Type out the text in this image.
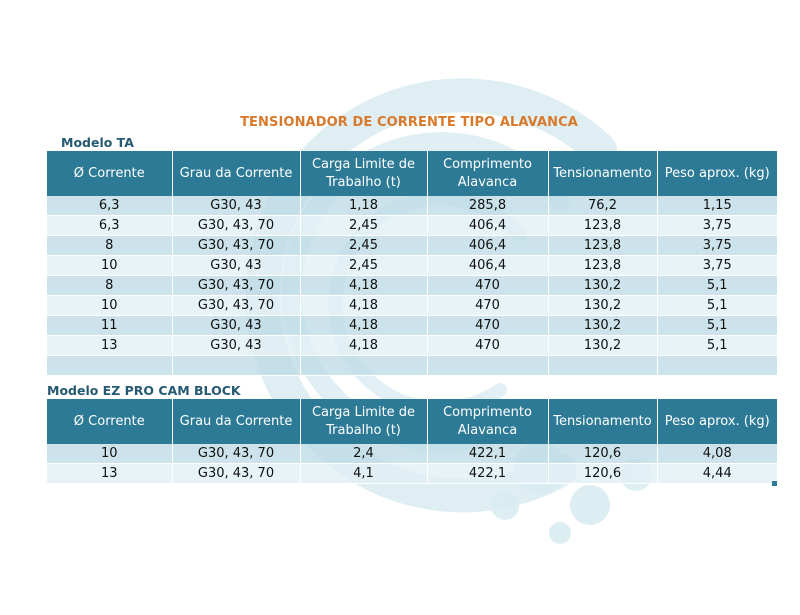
TENSIONADOR DE CORRENTE TIPO ALAVANCA
Modelo TA
Ø Corrente	Grau da Corrente	Carga Limite de Trabalho (t)	Comprimento Alavanca	Tensionamento	Peso aprox. (kg)
6,3	G30, 43	1,18	285,8	76,2	1,15
6,3	G30, 43, 70	2,45	406,4	123,8	3,75
8	G30, 43, 70	2,45	406,4	123,8	3,75
10	G30, 43	2,45	406,4	123,8	3,75
8	G30, 43, 70	4,18	470	130,2	5,1
10	G30, 43, 70	4,18	470	130,2	5,1
11	G30, 43	4,18	470	130,2	5,1
13	G30, 43	4,18	470	130,2	5,1

Modelo EZ PRO CAM BLOCK
Ø Corrente	Grau da Corrente	Carga Limite de Trabalho (t)	Comprimento Alavanca	Tensionamento	Peso aprox. (kg)
10	G30, 43, 70	2,4	422,1	120,6	4,08
13	G30, 43, 70	4,1	422,1	120,6	4,44
